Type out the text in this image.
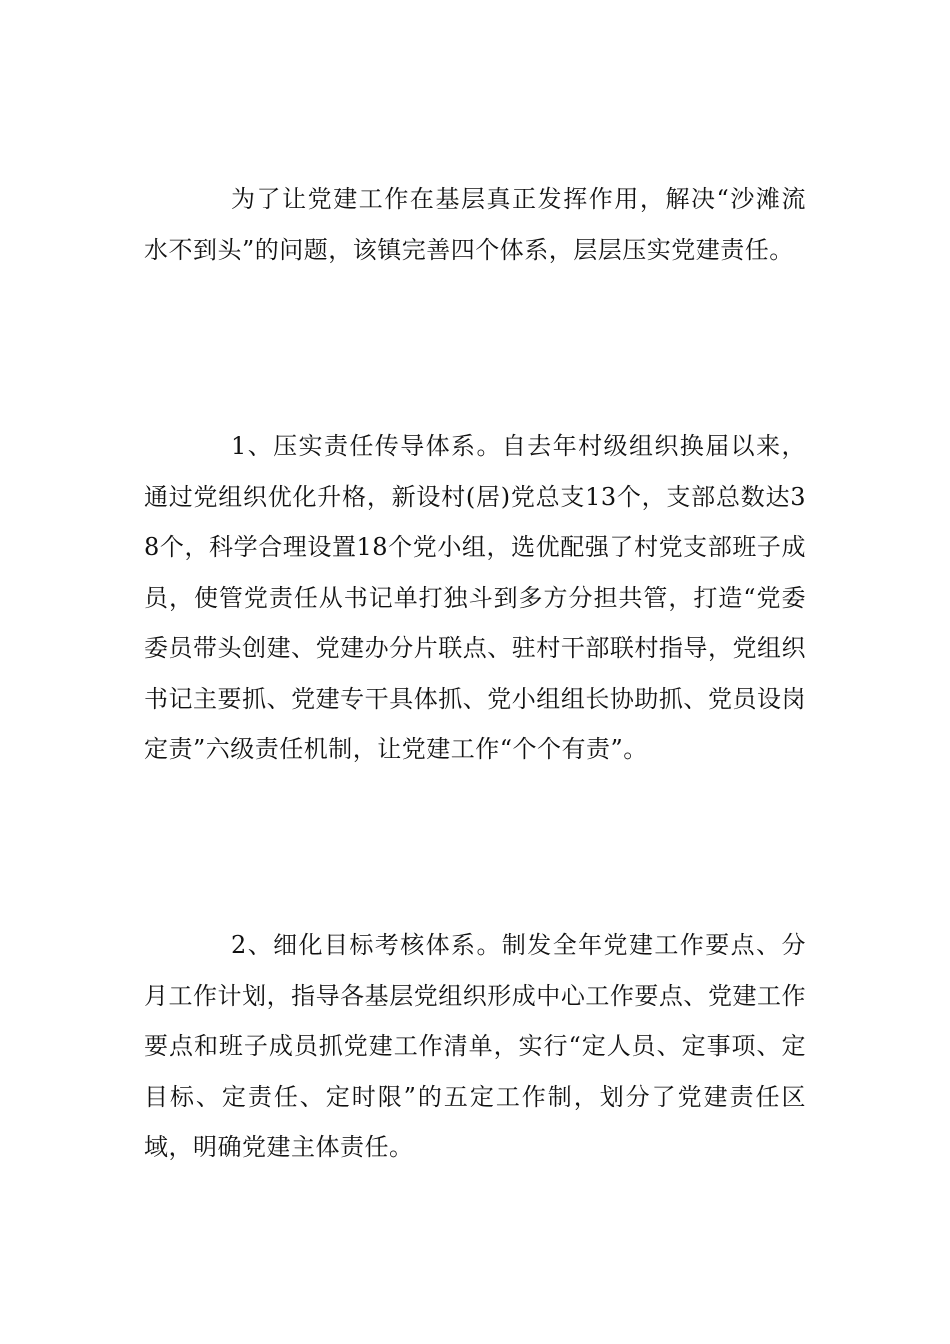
为了让党建工作在基层真正发挥作用，解决“沙滩流水不到头”的问题，该镇完善四个体系，层层压实党建责任。

1、压实责任传导体系。自去年村级组织换届以来，通过党组织优化升格，新设村(居)党总支13个，支部总数达38个，科学合理设置18个党小组，选优配强了村党支部班子成员，使管党责任从书记单打独斗到多方分担共管，打造“党委委员带头创建、党建办分片联点、驻村干部联村指导，党组织书记主要抓、党建专干具体抓、党小组组长协助抓、党员设岗定责”六级责任机制，让党建工作“个个有责”。

2、细化目标考核体系。制发全年党建工作要点、分月工作计划，指导各基层党组织形成中心工作要点、党建工作要点和班子成员抓党建工作清单，实行“定人员、定事项、定目标、定责任、定时限”的五定工作制，划分了党建责任区域，明确党建主体责任。
